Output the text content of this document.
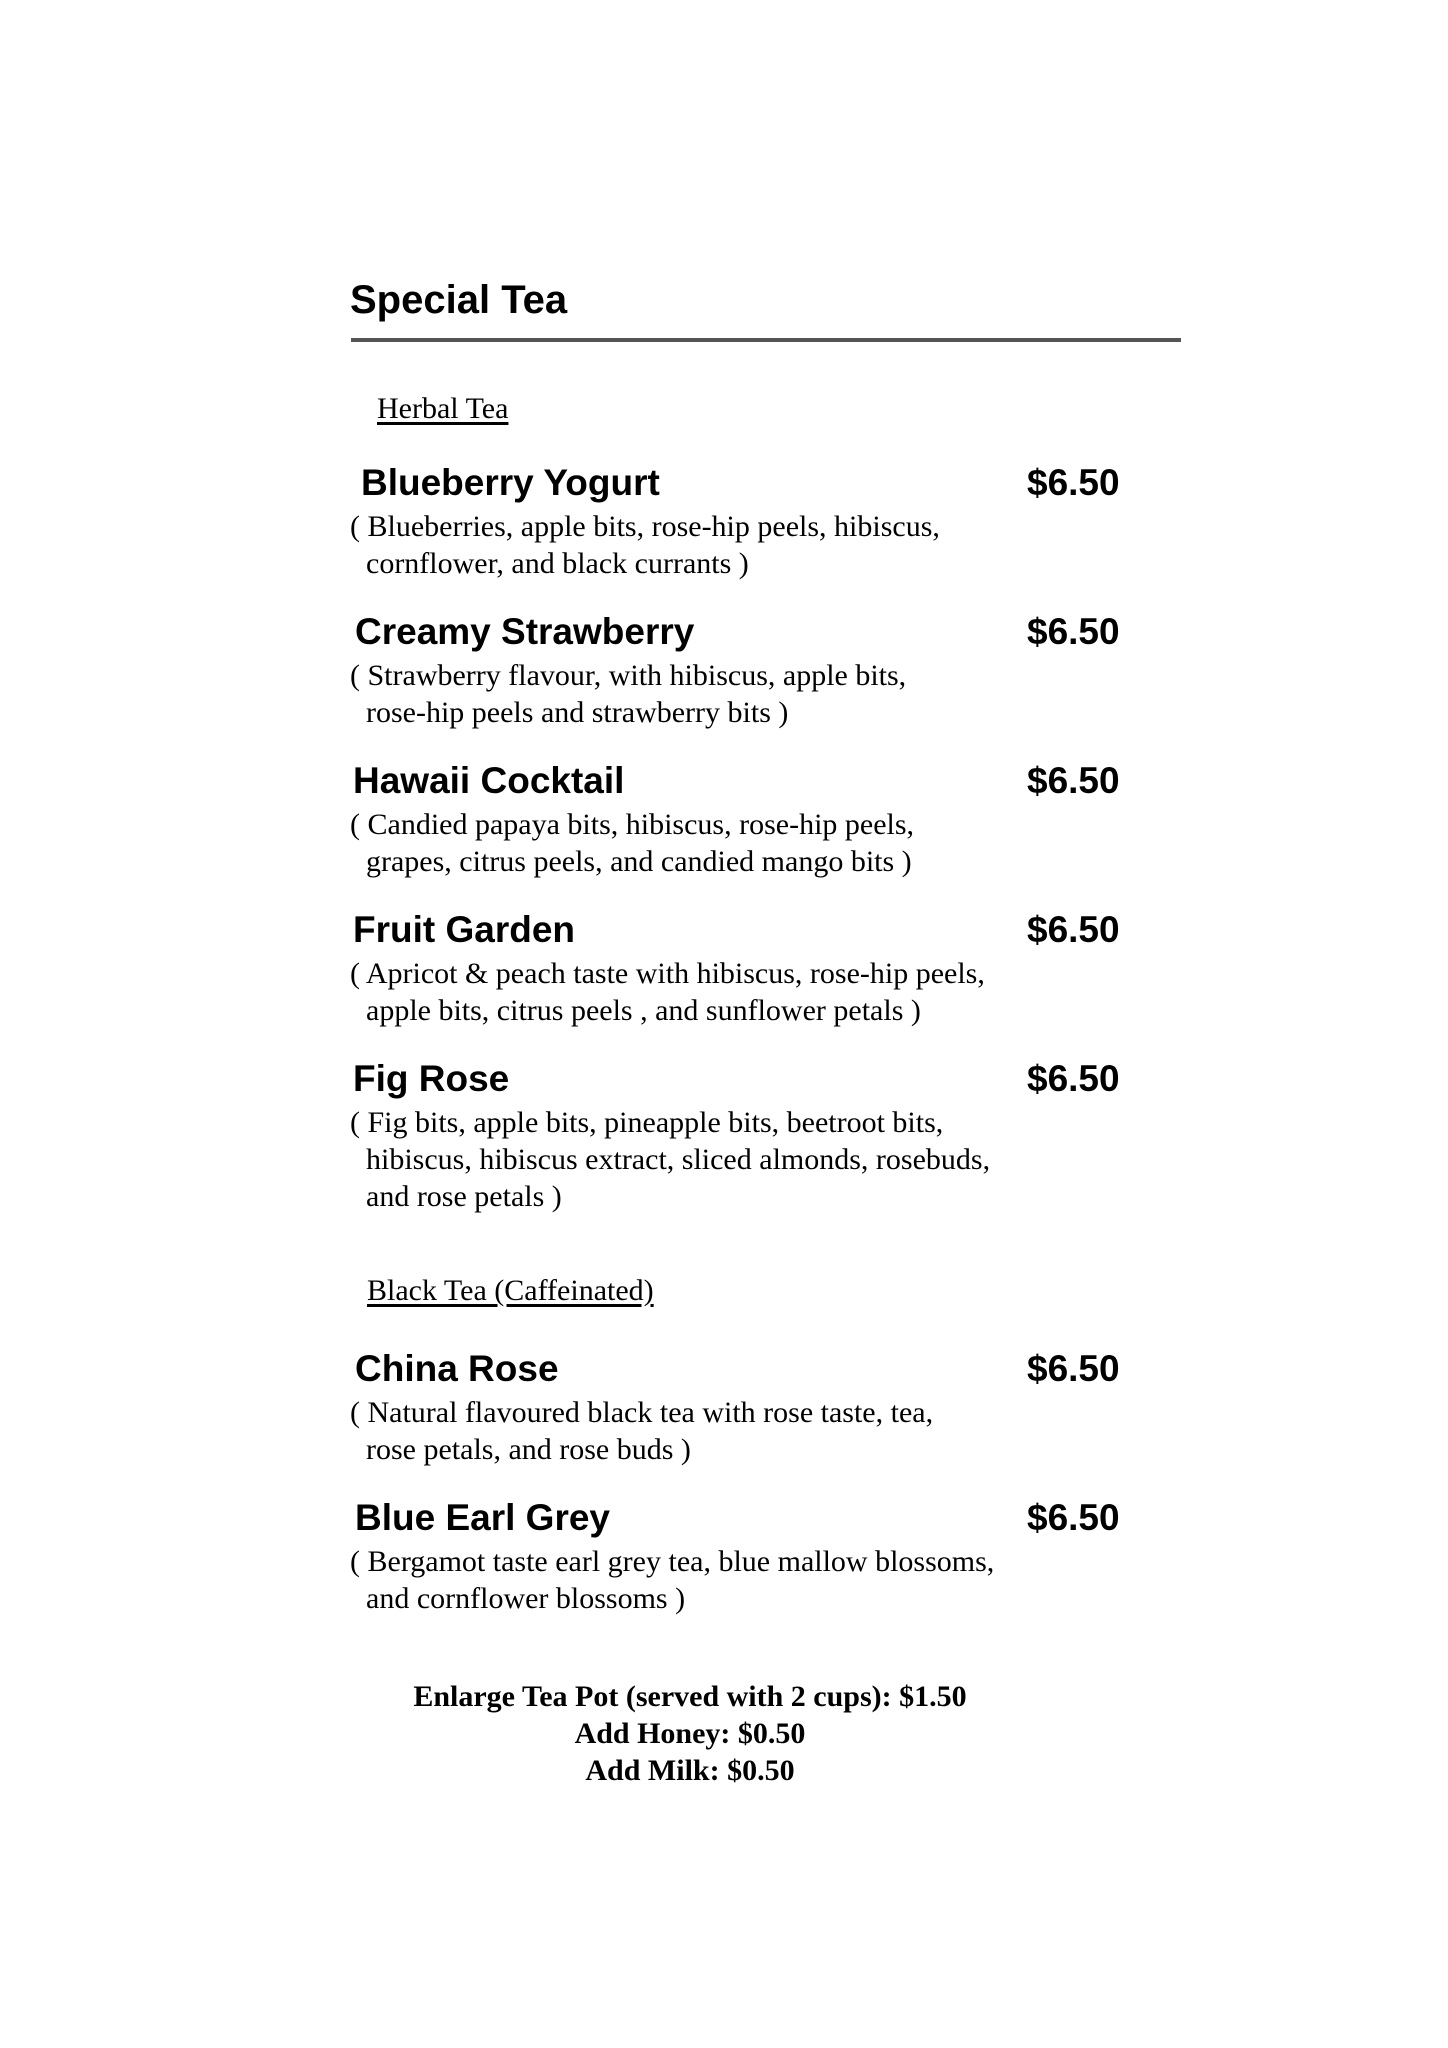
Special Tea
Herbal Tea
Blueberry Yogurt	$6.50
( Blueberries, apple bits, rose-hip peels, hibiscus,
cornflower, and black currants )
Creamy Strawberry	$6.50
( Strawberry flavour, with hibiscus, apple bits,
rose-hip peels and strawberry bits )
Hawaii Cocktail	$6.50
( Candied papaya bits, hibiscus, rose-hip peels,
grapes, citrus peels, and candied mango bits )
Fruit Garden	$6.50
( Apricot & peach taste with hibiscus, rose-hip peels,
apple bits, citrus peels , and sunflower petals )
Fig Rose	$6.50
( Fig bits, apple bits, pineapple bits, beetroot bits,
hibiscus, hibiscus extract, sliced almonds, rosebuds,
and rose petals )
Black Tea (Caffeinated)
China Rose	$6.50
( Natural flavoured black tea with rose taste, tea,
rose petals, and rose buds )
Blue Earl Grey	$6.50
( Bergamot taste earl grey tea, blue mallow blossoms,
and cornflower blossoms )
Enlarge Tea Pot (served with 2 cups): $1.50
Add Honey: $0.50
Add Milk: $0.50
